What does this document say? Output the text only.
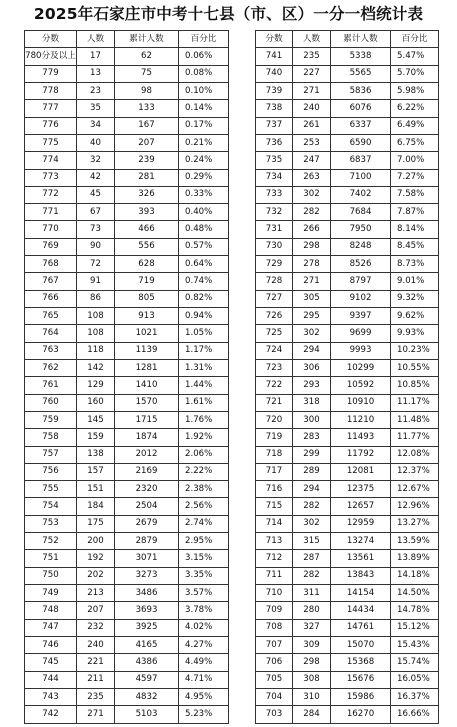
2025年石家庄市中考十七县（市、区）一分一档统计表
分数	人数	累计人数	百分比
780分及以上	17	62	0.06%
779	13	75	0.08%
778	23	98	0.10%
777	35	133	0.14%
776	34	167	0.17%
775	40	207	0.21%
774	32	239	0.24%
773	42	281	0.29%
772	45	326	0.33%
771	67	393	0.40%
770	73	466	0.48%
769	90	556	0.57%
768	72	628	0.64%
767	91	719	0.74%
766	86	805	0.82%
765	108	913	0.94%
764	108	1021	1.05%
763	118	1139	1.17%
762	142	1281	1.31%
761	129	1410	1.44%
760	160	1570	1.61%
759	145	1715	1.76%
758	159	1874	1.92%
757	138	2012	2.06%
756	157	2169	2.22%
755	151	2320	2.38%
754	184	2504	2.56%
753	175	2679	2.74%
752	200	2879	2.95%
751	192	3071	3.15%
750	202	3273	3.35%
749	213	3486	3.57%
748	207	3693	3.78%
747	232	3925	4.02%
746	240	4165	4.27%
745	221	4386	4.49%
744	211	4597	4.71%
743	235	4832	4.95%
742	271	5103	5.23%
分数	人数	累计人数	百分比
741	235	5338	5.47%
740	227	5565	5.70%
739	271	5836	5.98%
738	240	6076	6.22%
737	261	6337	6.49%
736	253	6590	6.75%
735	247	6837	7.00%
734	263	7100	7.27%
733	302	7402	7.58%
732	282	7684	7.87%
731	266	7950	8.14%
730	298	8248	8.45%
729	278	8526	8.73%
728	271	8797	9.01%
727	305	9102	9.32%
726	295	9397	9.62%
725	302	9699	9.93%
724	294	9993	10.23%
723	306	10299	10.55%
722	293	10592	10.85%
721	318	10910	11.17%
720	300	11210	11.48%
719	283	11493	11.77%
718	299	11792	12.08%
717	289	12081	12.37%
716	294	12375	12.67%
715	282	12657	12.96%
714	302	12959	13.27%
713	315	13274	13.59%
712	287	13561	13.89%
711	282	13843	14.18%
710	311	14154	14.50%
709	280	14434	14.78%
708	327	14761	15.12%
707	309	15070	15.43%
706	298	15368	15.74%
705	308	15676	16.05%
704	310	15986	16.37%
703	284	16270	16.66%
